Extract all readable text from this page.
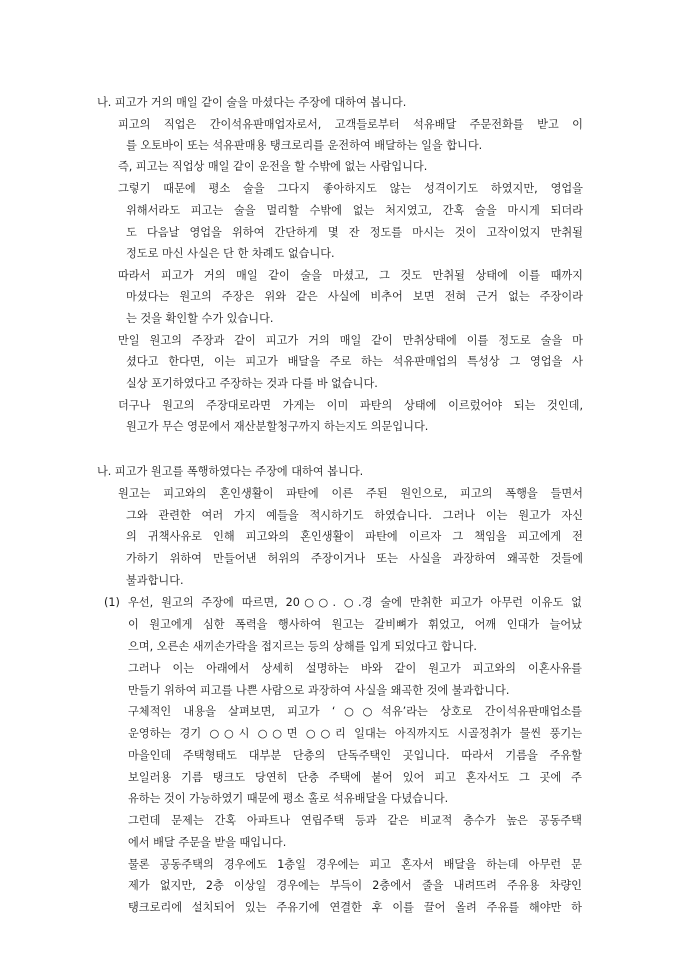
나. 피고가 거의 매일 같이 술을 마셨다는 주장에 대하여 봅니다.
피고의 직업은 간이석유판매업자로서, 고객들로부터 석유배달 주문전화를 받고 이
를 오토바이 또는 석유판매용 탱크로리를 운전하여 배달하는 일을 합니다.
즉, 피고는 직업상 매일 같이 운전을 할 수밖에 없는 사람입니다.
그렇기 때문에 평소 술을 그다지 좋아하지도 않는 성격이기도 하였지만, 영업을
위해서라도 피고는 술을 멀리할 수밖에 없는 처지였고, 간혹 술을 마시게 되더라
도 다음날 영업을 위하여 간단하게 몇 잔 정도를 마시는 것이 고작이었지 만취될
정도로 마신 사실은 단 한 차례도 없습니다.
따라서 피고가 거의 매일 같이 술을 마셨고, 그 것도 만취될 상태에 이를 때까지
마셨다는 원고의 주장은 위와 같은 사실에 비추어 보면 전혀 근거 없는 주장이라
는 것을 확인할 수가 있습니다.
만일 원고의 주장과 같이 피고가 거의 매일 같이 만취상태에 이를 정도로 술을 마
셨다고 한다면, 이는 피고가 배달을 주로 하는 석유판매업의 특성상 그 영업을 사
실상 포기하였다고 주장하는 것과 다를 바 없습니다.
더구나 원고의 주장대로라면 가게는 이미 파탄의 상태에 이르렀어야 되는 것인데,
원고가 무슨 영문에서 재산분할청구까지 하는지도 의문입니다.
나. 피고가 원고를 폭행하였다는 주장에 대하여 봅니다.
원고는 피고와의 혼인생활이 파탄에 이른 주된 원인으로, 피고의 폭행을 들면서
그와 관련한 여러 가지 예들을 적시하기도 하였습니다. 그러나 이는 원고가 자신
의 귀책사유로 인해 피고와의 혼인생활이 파탄에 이르자 그 책임을 피고에게 전
가하기 위하여 만들어낸 허위의 주장이거나 또는 사실을 과장하여 왜곡한 것들에
불과합니다.
(1) 우선, 원고의 주장에 따르면, 20○○. ○.경 술에 만취한 피고가 아무런 이유도 없
이 원고에게 심한 폭력을 행사하여 원고는 갈비뼈가 휘었고, 어깨 인대가 늘어났
으며, 오른손 새끼손가락을 접지르는 등의 상해를 입게 되었다고 합니다.
그러나 이는 아래에서 상세히 설명하는 바와 같이 원고가 피고와의 이혼사유를
만들기 위하여 피고를 나쁜 사람으로 과장하여 사실을 왜곡한 것에 불과합니다.
구체적인 내용을 살펴보면, 피고가 ‘○○석유’라는 상호로 간이석유판매업소를
운영하는 경기 ○○시 ○○면 ○○리 일대는 아직까지도 시골정취가 물씬 풍기는
마을인데 주택형태도 대부분 단층의 단독주택인 곳입니다. 따라서 기름을 주유할
보일러용 기름 탱크도 당연히 단층 주택에 붙어 있어 피고 혼자서도 그 곳에 주
유하는 것이 가능하였기 때문에 평소 홀로 석유배달을 다녔습니다.
그런데 문제는 간혹 아파트나 연립주택 등과 같은 비교적 층수가 높은 공동주택
에서 배달 주문을 받을 때입니다.
물론 공동주택의 경우에도 1층일 경우에는 피고 혼자서 배달을 하는데 아무런 문
제가 없지만, 2층 이상일 경우에는 부득이 2층에서 줄을 내려뜨려 주유용 차량인
탱크로리에 설치되어 있는 주유기에 연결한 후 이를 끌어 올려 주유를 해야만 하
